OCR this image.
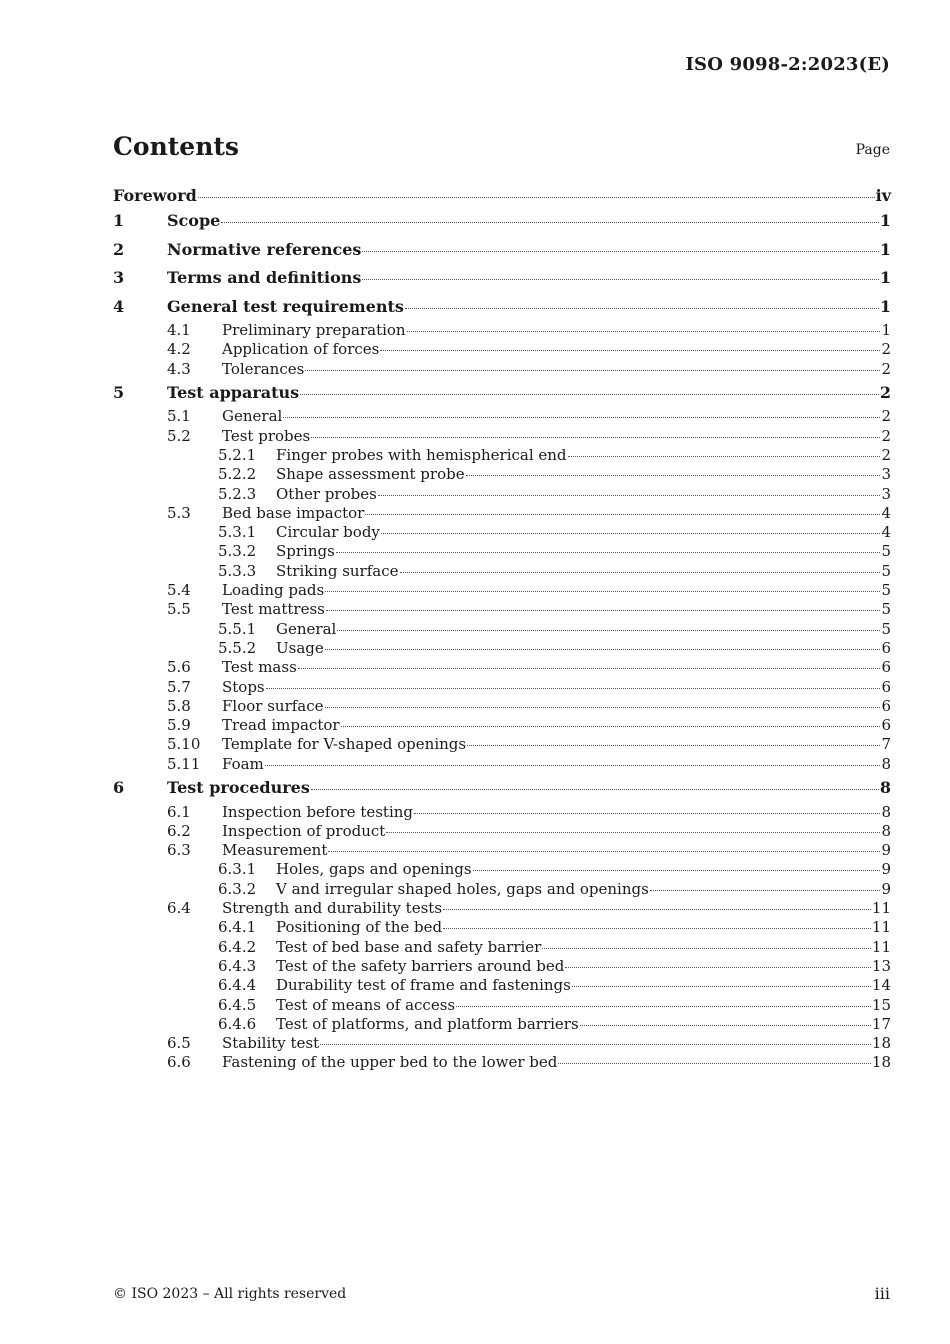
ISO 9098-2:2023(E)
Contents	Page
Foreword	iv
1	Scope	1
2	Normative references	1
3	Terms and definitions	1
4	General test requirements	1
4.1	Preliminary preparation	1
4.2	Application of forces	2
4.3	Tolerances	2
5	Test apparatus	2
5.1	General	2
5.2	Test probes	2
5.2.1	Finger probes with hemispherical end	2
5.2.2	Shape assessment probe	3
5.2.3	Other probes	3
5.3	Bed base impactor	4
5.3.1	Circular body	4
5.3.2	Springs	5
5.3.3	Striking surface	5
5.4	Loading pads	5
5.5	Test mattress	5
5.5.1	General	5
5.5.2	Usage	6
5.6	Test mass	6
5.7	Stops	6
5.8	Floor surface	6
5.9	Tread impactor	6
5.10	Template for V-shaped openings	7
5.11	Foam	8
6	Test procedures	8
6.1	Inspection before testing	8
6.2	Inspection of product	8
6.3	Measurement	9
6.3.1	Holes, gaps and openings	9
6.3.2	V and irregular shaped holes, gaps and openings	9
6.4	Strength and durability tests	11
6.4.1	Positioning of the bed	11
6.4.2	Test of bed base and safety barrier	11
6.4.3	Test of the safety barriers around bed	13
6.4.4	Durability test of frame and fastenings	14
6.4.5	Test of means of access	15
6.4.6	Test of platforms, and platform barriers	17
6.5	Stability test	18
6.6	Fastening of the upper bed to the lower bed	18
© ISO 2023 – All rights reserved	iii
